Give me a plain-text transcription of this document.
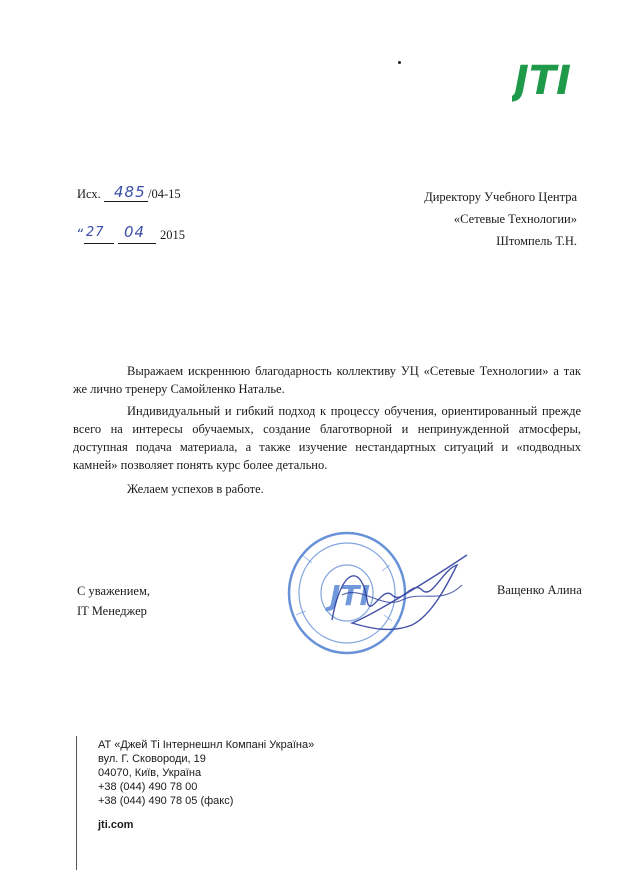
JTI
Исх. 485 /04-15
“ 27 04 2015
Директору Учебного Центра
«Сетевые Технологии»
Штомпель Т.Н.

Выражаем искреннюю благодарность коллективу УЦ «Сетевые Технологии» а так же лично тренеру Самойленко Наталье.

Индивидуальный и гибкий подход к процессу обучения, ориентированный прежде всего на интересы обучаемых, создание благотворной и непринужденной атмосферы, доступная подача материала, а также изучение нестандартных ситуаций и «подводных камней» позволяет понять курс более детально.

Желаем успехов в работе.

JTI
С уважением,
IT Менеджер
Ващенко Алина
АТ «Джей Ті Інтернешнл Компані Україна»
вул. Г. Сковороди, 19
04070, Київ, Україна
+38 (044) 490 78 00
+38 (044) 490 78 05 (факс)
jti.com
